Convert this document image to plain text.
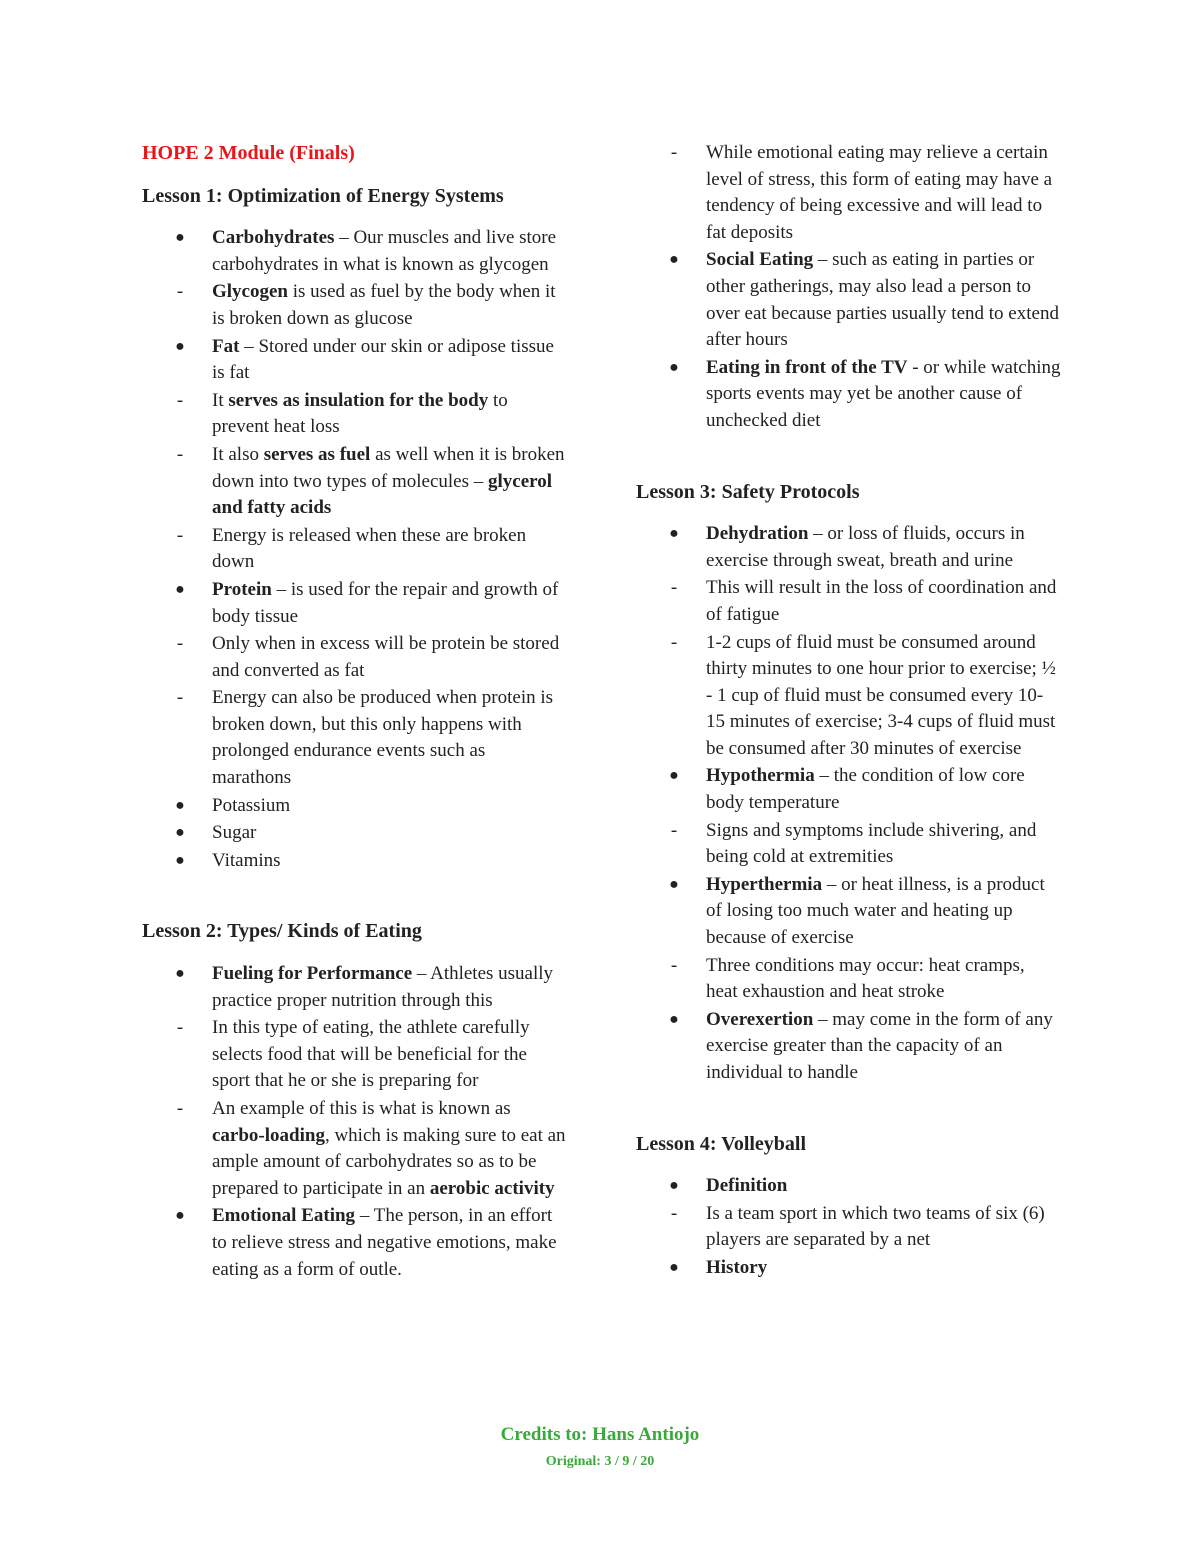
HOPE 2 Module (Finals)
Lesson 1: Optimization of Energy Systems
● Carbohydrates – Our muscles and live store carbohydrates in what is known as glycogen
- Glycogen is used as fuel by the body when it is broken down as glucose
● Fat – Stored under our skin or adipose tissue is fat
- It serves as insulation for the body to prevent heat loss
- It also serves as fuel as well when it is broken down into two types of molecules – glycerol and fatty acids
- Energy is released when these are broken down
● Protein – is used for the repair and growth of body tissue
- Only when in excess will be protein be stored and converted as fat
- Energy can also be produced when protein is broken down, but this only happens with prolonged endurance events such as marathons
● Potassium
● Sugar
● Vitamins
Lesson 2: Types/ Kinds of Eating
● Fueling for Performance – Athletes usually practice proper nutrition through this
- In this type of eating, the athlete carefully selects food that will be beneficial for the sport that he or she is preparing for
- An example of this is what is known as carbo-loading, which is making sure to eat an ample amount of carbohydrates so as to be prepared to participate in an aerobic activity
● Emotional Eating – The person, in an effort to relieve stress and negative emotions, make eating as a form of outle.
- While emotional eating may relieve a certain level of stress, this form of eating may have a tendency of being excessive and will lead to fat deposits
● Social Eating – such as eating in parties or other gatherings, may also lead a person to over eat because parties usually tend to extend after hours
● Eating in front of the TV - or while watching sports events may yet be another cause of unchecked diet
Lesson 3: Safety Protocols
● Dehydration – or loss of fluids, occurs in exercise through sweat, breath and urine
- This will result in the loss of coordination and of fatigue
- 1-2 cups of fluid must be consumed around thirty minutes to one hour prior to exercise; ½ - 1 cup of fluid must be consumed every 10-15 minutes of exercise; 3-4 cups of fluid must be consumed after 30 minutes of exercise
● Hypothermia – the condition of low core body temperature
- Signs and symptoms include shivering, and being cold at extremities
● Hyperthermia – or heat illness, is a product of losing too much water and heating up because of exercise
- Three conditions may occur: heat cramps, heat exhaustion and heat stroke
● Overexertion – may come in the form of any exercise greater than the capacity of an individual to handle
Lesson 4: Volleyball
● Definition
- Is a team sport in which two teams of six (6) players are separated by a net
● History
Credits to: Hans Antiojo
Original: 3 / 9 / 20
